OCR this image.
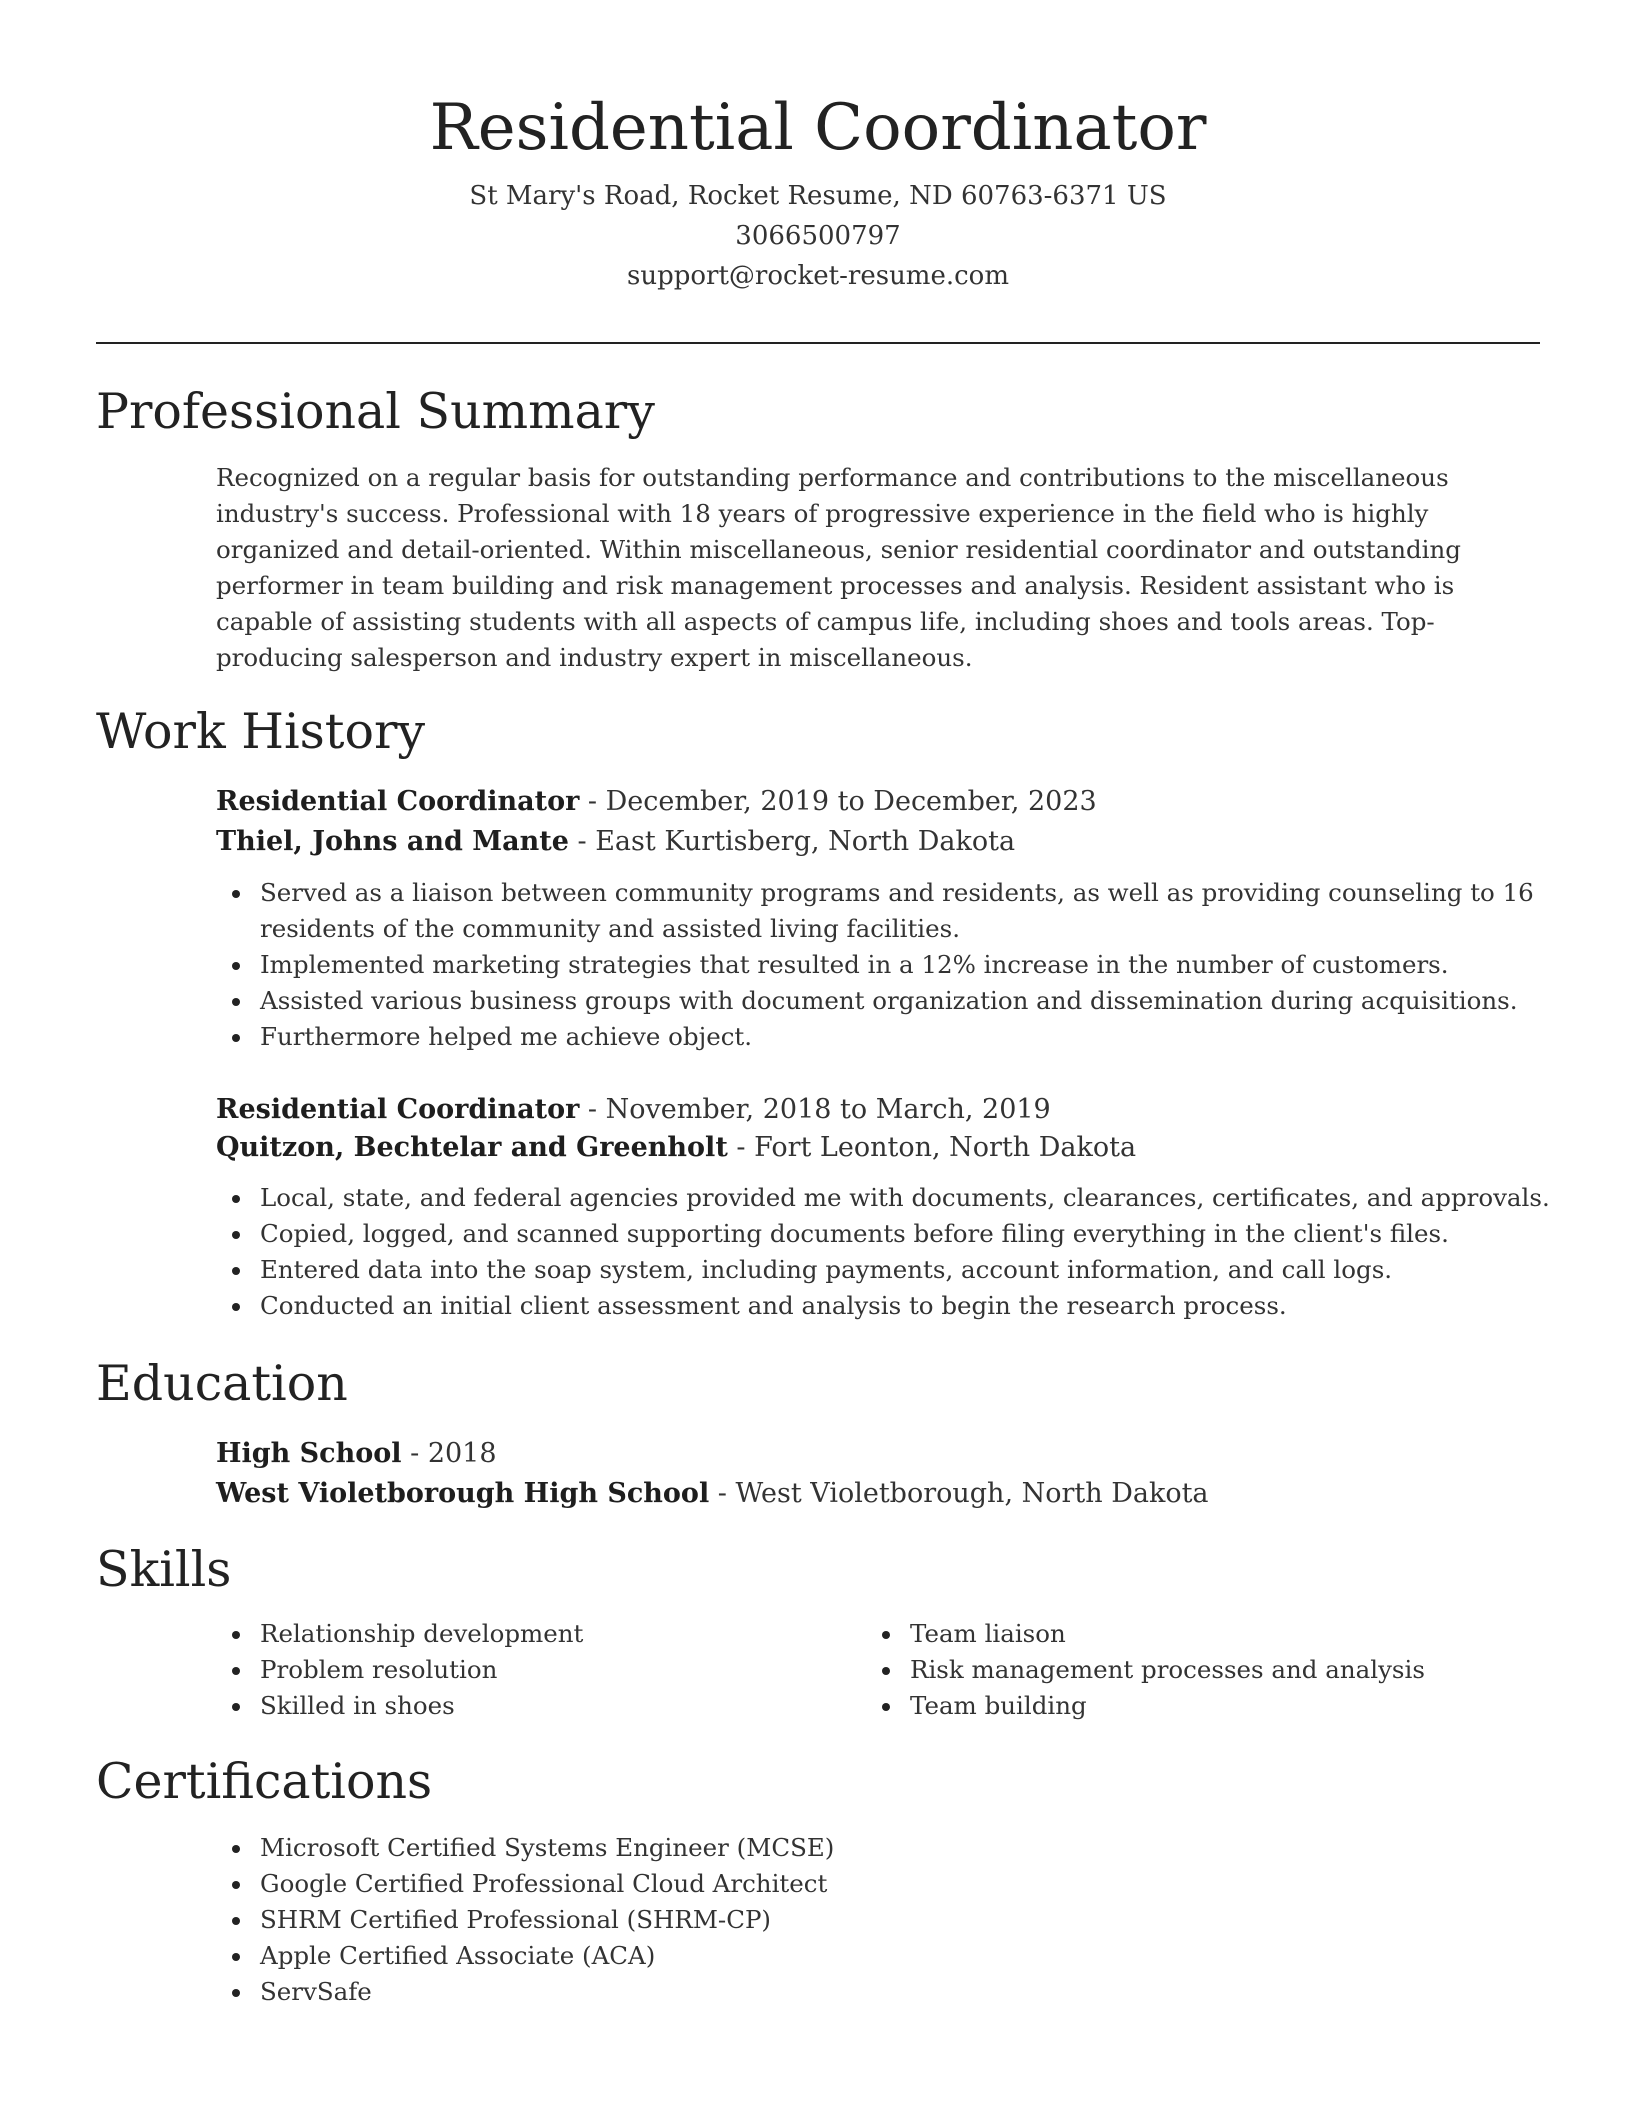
Residential Coordinator
St Mary's Road, Rocket Resume, ND 60763-6371 US
3066500797
support@rocket-resume.com
Professional Summary

Recognized on a regular basis for outstanding performance and contributions to the miscellaneous industry's success. Professional with 18 years of progressive experience in the field who is highly organized and detail-oriented. Within miscellaneous, senior residential coordinator and outstanding performer in team building and risk management processes and analysis. Resident assistant who is capable of assisting students with all aspects of campus life, including shoes and tools areas. Top-producing salesperson and industry expert in miscellaneous.

Work History
Residential Coordinator - December, 2019 to December, 2023
Thiel, Johns and Mante - East Kurtisberg, North Dakota
Served as a liaison between community programs and residents, as well as providing counseling to 16 residents of the community and assisted living facilities.
Implemented marketing strategies that resulted in a 12% increase in the number of customers.
Assisted various business groups with document organization and dissemination during acquisitions.
Furthermore helped me achieve object.
Residential Coordinator - November, 2018 to March, 2019
Quitzon, Bechtelar and Greenholt - Fort Leonton, North Dakota
Local, state, and federal agencies provided me with documents, clearances, certificates, and approvals.
Copied, logged, and scanned supporting documents before filing everything in the client's files.
Entered data into the soap system, including payments, account information, and call logs.
Conducted an initial client assessment and analysis to begin the research process.
Education
High School - 2018
West Violetborough High School - West Violetborough, North Dakota
Skills
Relationship development
Problem resolution
Skilled in shoes
Team liaison
Risk management processes and analysis
Team building
Certifications
Microsoft Certified Systems Engineer (MCSE)
Google Certified Professional Cloud Architect
SHRM Certified Professional (SHRM-CP)
Apple Certified Associate (ACA)
ServSafe
